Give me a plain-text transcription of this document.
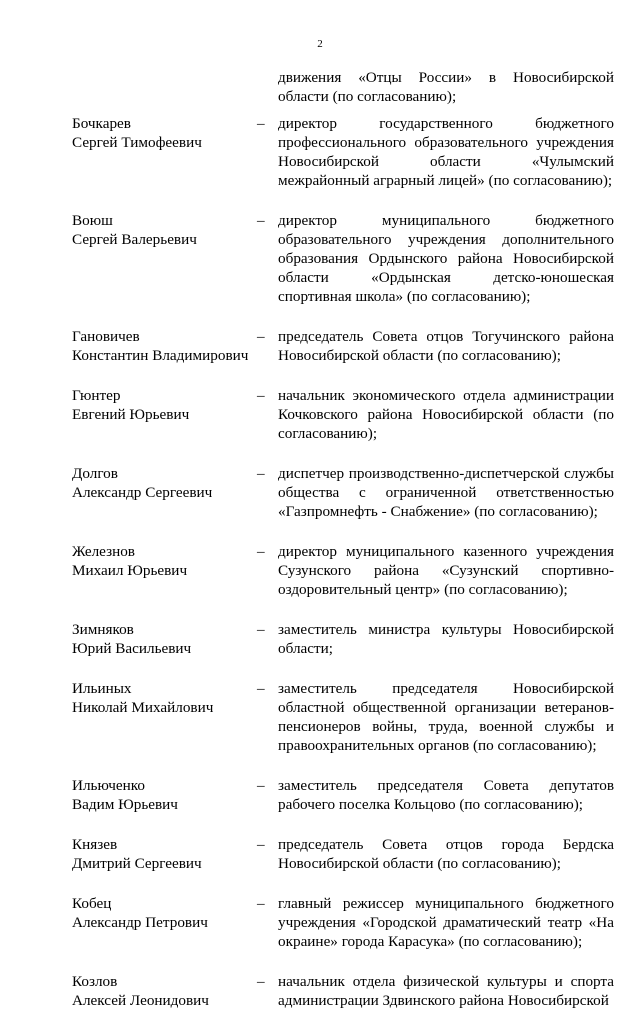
2
движения «Отцы России» в Новосибирской области (по согласованию);
Бочкарев
Сергей Тимофеевич
– директор государственного бюджетного профессионального образовательного учреждения Новосибирской области «Чулымский межрайонный аграрный лицей» (по согласованию);
Воюш
Сергей Валерьевич
– директор муниципального бюджетного образовательного учреждения дополнительного образования Ордынского района Новосибирской области «Ордынская детско-юношеская спортивная школа» (по согласованию);
Гановичев
Константин Владимирович
– председатель Совета отцов Тогучинского района Новосибирской области (по согласованию);
Гюнтер
Евгений Юрьевич
– начальник экономического отдела администрации Кочковского района Новосибирской области (по согласованию);
Долгов
Александр Сергеевич
– диспетчер производственно-диспетчерской службы общества с ограниченной ответственностью «Газпромнефть - Снабжение» (по согласованию);
Железнов
Михаил Юрьевич
– директор муниципального казенного учреждения Сузунского района «Сузунский спортивно-оздоровительный центр» (по согласованию);
Зимняков
Юрий Васильевич
– заместитель министра культуры Новосибирской области;
Ильиных
Николай Михайлович
– заместитель председателя Новосибирской областной общественной организации ветеранов-пенсионеров войны, труда, военной службы и правоохранительных органов (по согласованию);
Ильюченко
Вадим Юрьевич
– заместитель председателя Совета депутатов рабочего поселка Кольцово (по согласованию);
Князев
Дмитрий Сергеевич
– председатель Совета отцов города Бердска Новосибирской области (по согласованию);
Кобец
Александр Петрович
– главный режиссер муниципального бюджетного учреждения «Городской драматический театр «На окраине» города Карасука» (по согласованию);
Козлов
Алексей Леонидович
– начальник отдела физической культуры и спорта администрации Здвинского района Новосибирской
